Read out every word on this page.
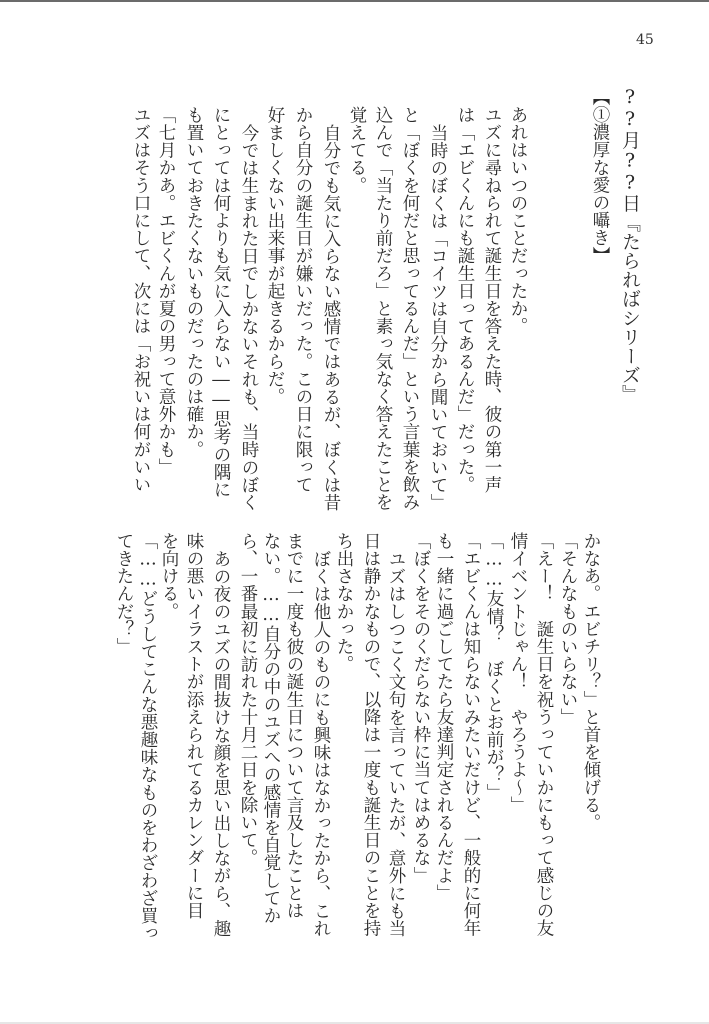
45
??月??日『たらればシリーズ』
【①濃厚な愛の囁き】
あれはいつのことだったか。
ユズに尋ねられて誕生日を答えた時、彼の第一声
は「エビくんにも誕生日ってあるんだ」だった。
当時のぼくは「コイツは自分から聞いておいて」
と「ぼくを何だと思ってるんだ」という言葉を飲み
込んで「当たり前だろ」と素っ気なく答えたことを
覚えてる。
自分でも気に入らない感情ではあるが、ぼくは昔
から自分の誕生日が嫌いだった。この日に限って
好ましくない出来事が起きるからだ。
今では生まれた日でしかないそれも、当時のぼく
にとっては何よりも気に入らない――思考の隅に
も置いておきたくないものだったのは確か。
「七月かあ。エビくんが夏の男って意外かも」
ユズはそう口にして、次には「お祝いは何がいい
かなあ。エビチリ？」と首を傾げる。
「そんなものいらない」
「えー！　誕生日を祝うっていかにもって感じの友
情イベントじゃん！　やろうよ～」
「……友情？　ぼくとお前が？」
「エビくんは知らないみたいだけど、一般的に何年
も一緒に過ごしてたら友達判定されるんだよ」
「ぼくをそのくだらない枠に当てはめるな」
ユズはしつこく文句を言っていたが、意外にも当
日は静かなもので、以降は一度も誕生日のことを持
ち出さなかった。
ぼくは他人のものにも興味はなかったから、これ
までに一度も彼の誕生日について言及したことは
ない。……自分の中のユズへの感情を自覚してか
ら、一番最初に訪れた十月二日を除いて。
あの夜のユズの間抜けな顔を思い出しながら、趣
味の悪いイラストが添えられてるカレンダーに目
を向ける。
「……どうしてこんな悪趣味なものをわざわざ買っ
てきたんだ？」
